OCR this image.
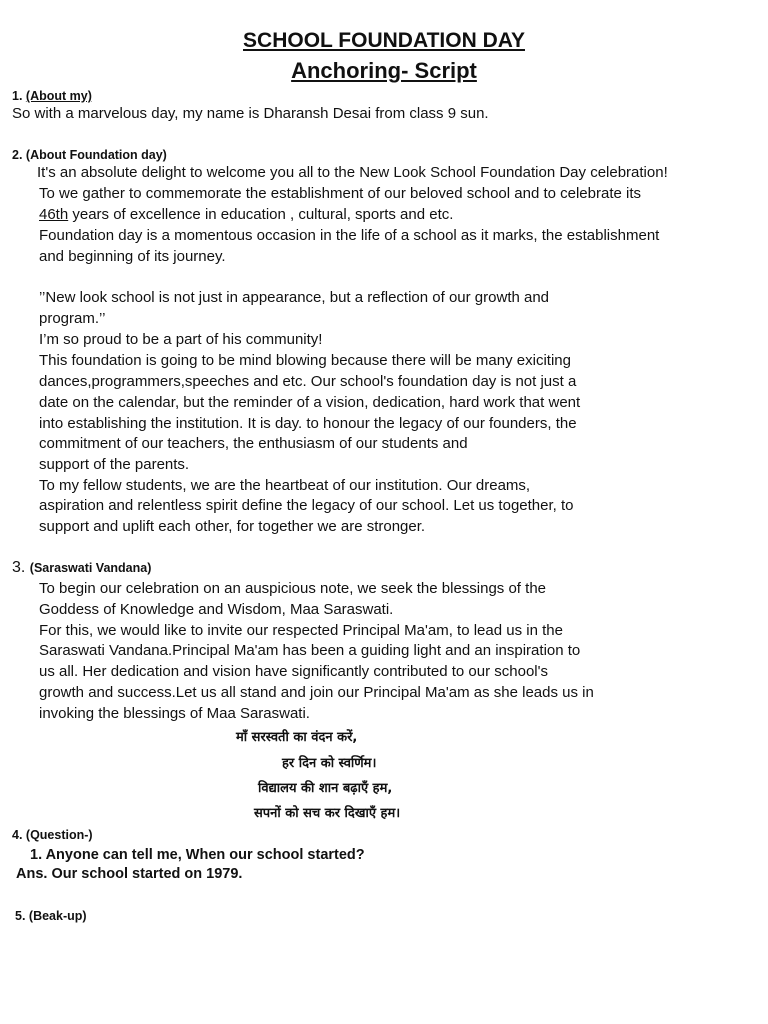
SCHOOL FOUNDATION DAY
Anchoring- Script
1. (About my)
So with a marvelous day, my name is Dharansh Desai from class 9 sun.
2. (About Foundation day)
It's an absolute delight to welcome you all to the New Look School Foundation Day celebration!
To we gather to commemorate the establishment of our beloved school and to celebrate its
46th years of excellence in education , cultural, sports and etc.
Foundation day is a momentous occasion in the life of a school as it marks, the establishment
and beginning of its journey.
’’New look school is not just in appearance, but a reflection of our growth and
program.’’
I’m so proud to be a part of his community!
This foundation is going to be mind blowing because there will be many exiciting
dances,programmers,speeches and etc. Our school's foundation day is not just a
date on the calendar, but the reminder of a vision, dedication, hard work that went
into establishing the institution. It is day. to honour the legacy of our founders, the
commitment of our teachers, the enthusiasm of our students and
support of the parents.
To my fellow students, we are the heartbeat of our institution. Our dreams,
aspiration and relentless spirit define the legacy of our school. Let us together, to
support and uplift each other, for together we are stronger.
3. (Saraswati Vandana)
To begin our celebration on an auspicious note, we seek the blessings of the
Goddess of Knowledge and Wisdom, Maa Saraswati.
For this, we would like to invite our respected Principal Ma'am, to lead us in the
Saraswati Vandana.Principal Ma'am has been a guiding light and an inspiration to
us all. Her dedication and vision have significantly contributed to our school's
growth and success.Let us all stand and join our Principal Ma'am as she leads us in
invoking the blessings of Maa Saraswati.
माँ सरस्वती का वंदन करें,
हर दिन को स्वर्णिम।
विद्यालय की शान बढ़ाएँ हम,
सपनों को सच कर दिखाएँ हम।
4. (Question-)
1. Anyone can tell me, When our school started?
Ans. Our school started on 1979.
5. (Beak-up)
